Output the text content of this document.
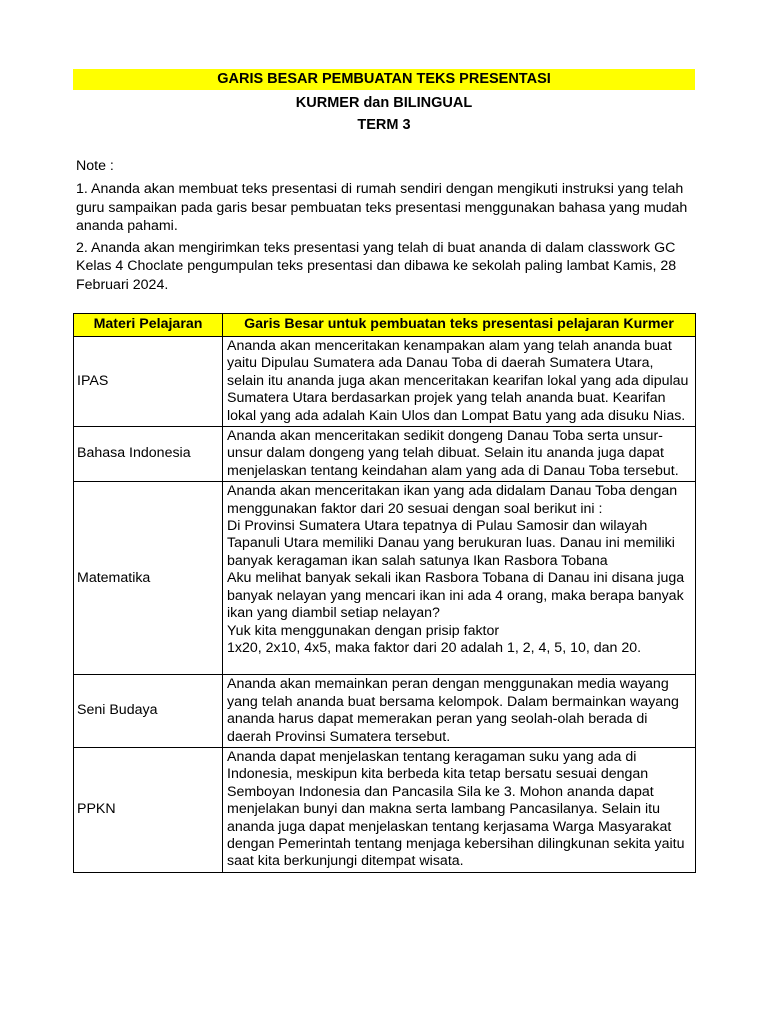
GARIS BESAR PEMBUATAN TEKS PRESENTASI
KURMER dan BILINGUAL
TERM 3

Note :

1. Ananda akan membuat teks presentasi di rumah sendiri dengan mengikuti instruksi yang telah guru sampaikan pada garis besar pembuatan teks presentasi menggunakan bahasa yang mudah ananda pahami.

2. Ananda akan mengirimkan teks presentasi yang telah di buat ananda di dalam classwork GC Kelas 4 Choclate pengumpulan teks presentasi dan dibawa ke sekolah paling lambat Kamis, 28 Februari 2024.

Materi Pelajaran	Garis Besar untuk pembuatan teks presentasi pelajaran Kurmer
IPAS	Ananda akan menceritakan kenampakan alam yang telah ananda buat yaitu Dipulau Sumatera ada Danau Toba di daerah Sumatera Utara, selain itu ananda juga akan menceritakan kearifan lokal yang ada dipulau Sumatera Utara berdasarkan projek yang telah ananda buat. Kearifan lokal yang ada adalah Kain Ulos dan Lompat Batu yang ada disuku Nias.

Bahasa Indonesia	Ananda akan menceritakan sedikit dongeng Danau Toba serta unsur-unsur dalam dongeng yang telah dibuat. Selain itu ananda juga dapat menjelaskan tentang keindahan alam yang ada di Danau Toba tersebut.

Matematika	Ananda akan menceritakan ikan yang ada didalam Danau Toba dengan menggunakan faktor dari 20 sesuai dengan soal berikut ini :
Di Provinsi Sumatera Utara tepatnya di Pulau Samosir dan wilayah Tapanuli Utara memiliki Danau yang berukuran luas. Danau ini memiliki banyak keragaman ikan salah satunya Ikan Rasbora Tobana
Aku melihat banyak sekali ikan Rasbora Tobana di Danau ini disana juga banyak nelayan yang mencari ikan ini ada 4 orang, maka berapa banyak ikan yang diambil setiap nelayan?
Yuk kita menggunakan dengan prisip faktor
1x20, 2x10, 4x5, maka faktor dari 20 adalah 1, 2, 4, 5, 10, dan 20.

Seni Budaya	Ananda akan memainkan peran dengan menggunakan media wayang yang telah ananda buat bersama kelompok. Dalam bermainkan wayang ananda harus dapat memerakan peran yang seolah-olah berada di daerah Provinsi Sumatera tersebut.

PPKN	Ananda dapat menjelaskan tentang keragaman suku yang ada di Indonesia, meskipun kita berbeda kita tetap bersatu sesuai dengan Semboyan Indonesia dan Pancasila Sila ke 3. Mohon ananda dapat menjelakan bunyi dan makna serta lambang Pancasilanya. Selain itu ananda juga dapat menjelaskan tentang kerjasama Warga Masyarakat dengan Pemerintah tentang menjaga kebersihan dilingkunan sekita yaitu saat kita berkunjungi ditempat wisata.
